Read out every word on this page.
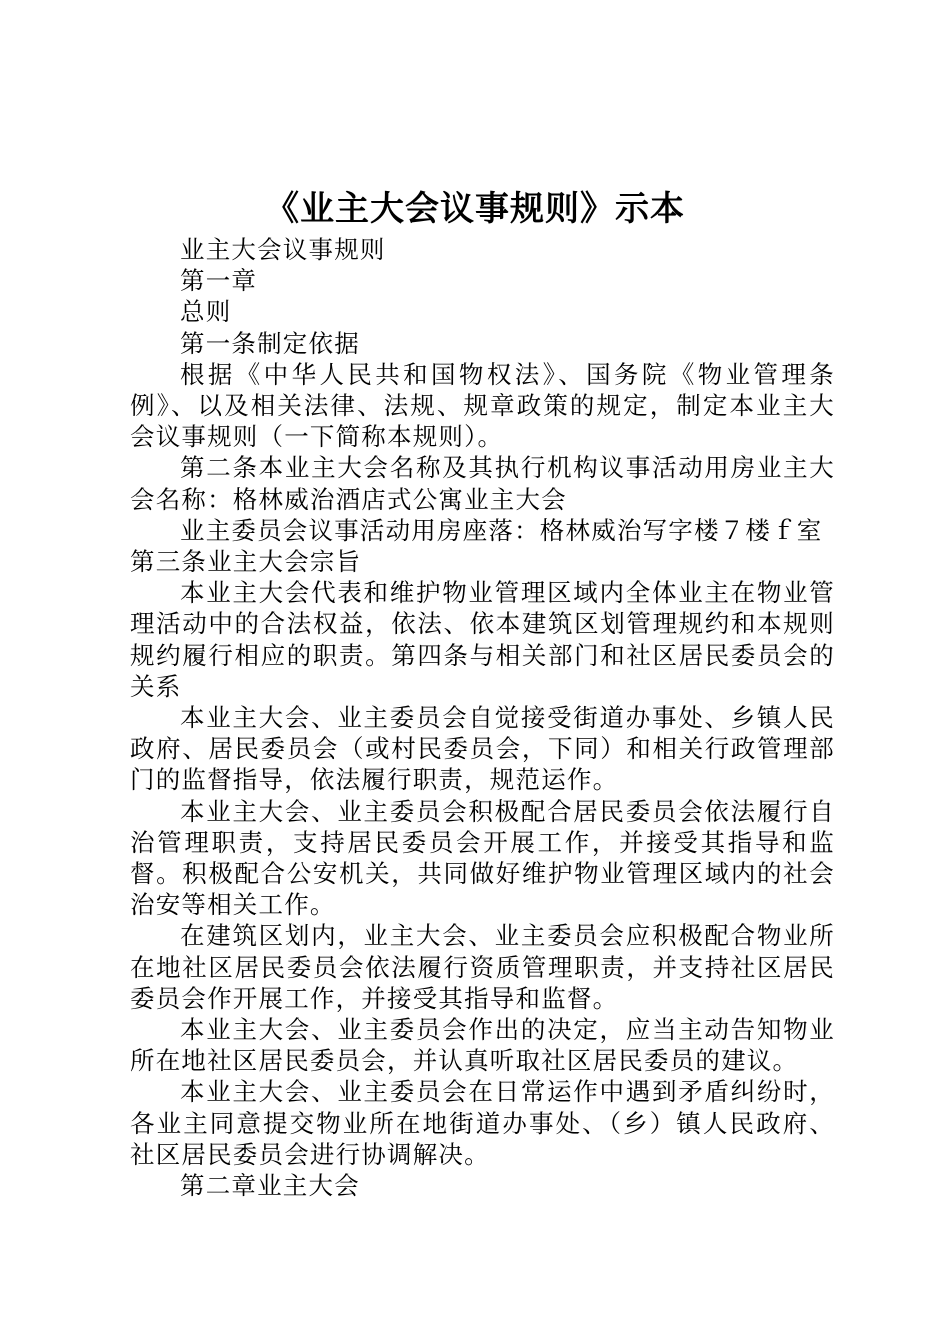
《业主大会议事规则》示本

业主大会议事规则

第一章

总则

第一条制定依据

根据《中华人民共和国物权法》、国务院《物业管理条例》、以及相关法律、法规、规章政策的规定，制定本业主大会议事规则（一下简称本规则）。

第二条本业主大会名称及其执行机构议事活动用房业主大会名称：格林威治酒店式公寓业主大会

业主委员会议事活动用房座落：格林威治写字楼７楼ｆ室

第三条业主大会宗旨

本业主大会代表和维护物业管理区域内全体业主在物业管理活动中的合法权益，依法、依本建筑区划管理规约和本规则规约履行相应的职责。第四条与相关部门和社区居民委员会的关系

本业主大会、业主委员会自觉接受街道办事处、乡镇人民政府、居民委员会（或村民委员会，下同）和相关行政管理部门的监督指导，依法履行职责，规范运作。

本业主大会、业主委员会积极配合居民委员会依法履行自治管理职责，支持居民委员会开展工作，并接受其指导和监督。积极配合公安机关，共同做好维护物业管理区域内的社会治安等相关工作。

在建筑区划内，业主大会、业主委员会应积极配合物业所在地社区居民委员会依法履行资质管理职责，并支持社区居民委员会作开展工作，并接受其指导和监督。

本业主大会、业主委员会作出的决定，应当主动告知物业所在地社区居民委员会，并认真听取社区居民委员的建议。

本业主大会、业主委员会在日常运作中遇到矛盾纠纷时，各业主同意提交物业所在地街道办事处、（乡）镇人民政府、社区居民委员会进行协调解决。

第二章业主大会
